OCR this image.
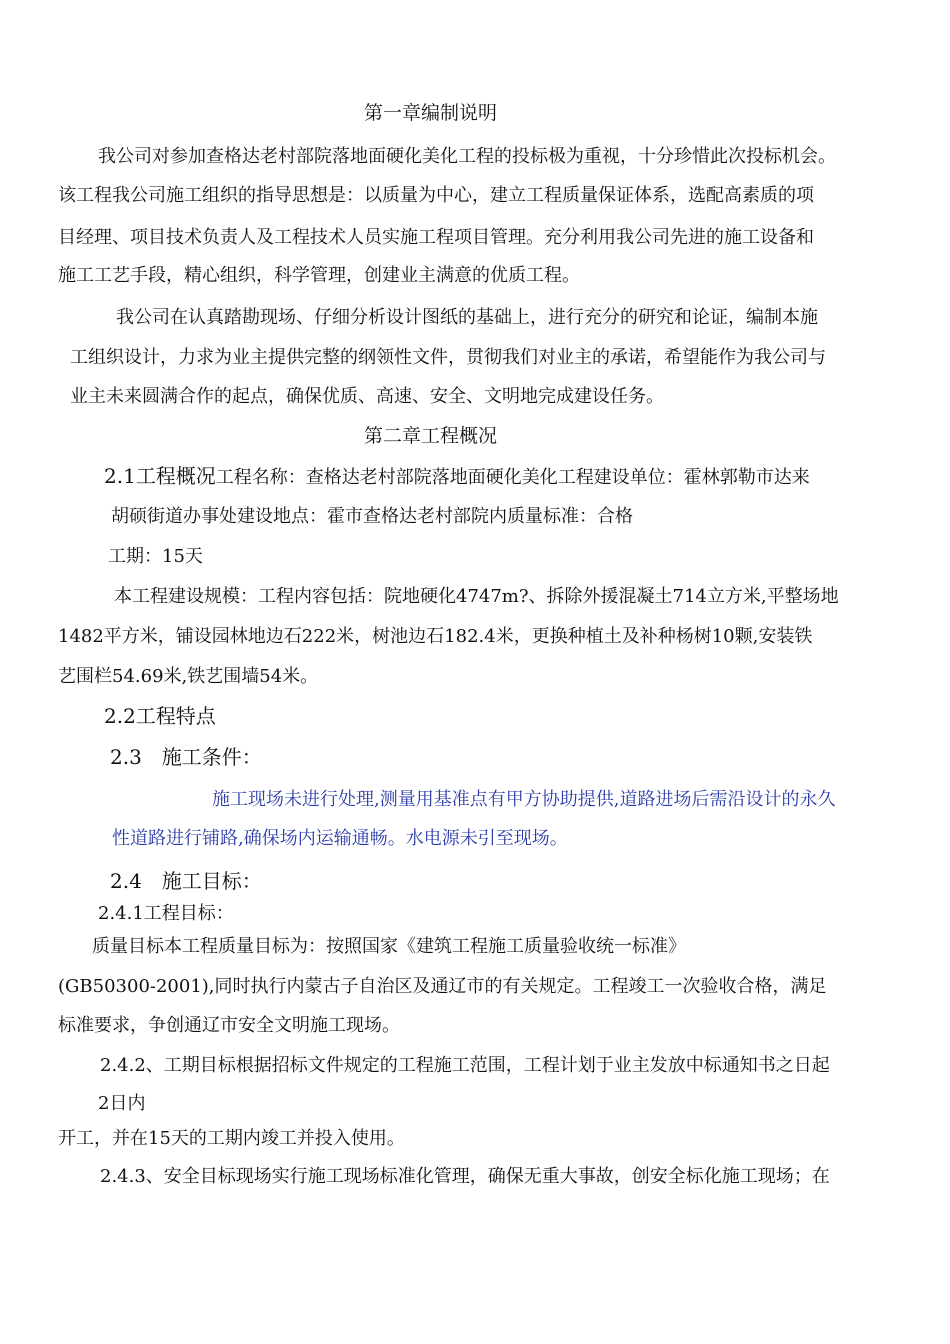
第一章编制说明
我公司对参加查格达老村部院落地面硬化美化工程的投标极为重视，十分珍惜此次投标机会。
该工程我公司施工组织的指导思想是：以质量为中心，建立工程质量保证体系，选配高素质的项
目经理、项目技术负责人及工程技术人员实施工程项目管理。充分利用我公司先进的施工设备和
施工工艺手段，精心组织，科学管理，创建业主满意的优质工程。
我公司在认真踏勘现场、仔细分析设计图纸的基础上，进行充分的研究和论证，编制本施
工组织设计，力求为业主提供完整的纲领性文件，贯彻我们对业主的承诺，希望能作为我公司与
业主未来圆满合作的起点，确保优质、高速、安全、文明地完成建设任务。
第二章工程概况
2.1工程概况工程名称：查格达老村部院落地面硬化美化工程建设单位：霍林郭勒市达来
胡硕街道办事处建设地点：霍市查格达老村部院内质量标准：合格
工期：15天
本工程建设规模：工程内容包括：院地硬化4747m?、拆除外援混凝土714立方米,平整场地
1482平方米，铺设园林地边石222米，树池边石182.4米，更换种植土及补种杨树10颗,安装铁
艺围栏54.69米,铁艺围墙54米。
2.2工程特点
2.3　施工条件：
施工现场未进行处理,测量用基准点有甲方协助提供,道路进场后需沿设计的永久
性道路进行铺路,确保场内运输通畅。水电源未引至现场。
2.4　施工目标：
2.4.1工程目标：
质量目标本工程质量目标为：按照国家《建筑工程施工质量验收统一标准》
(GB50300-2001),同时执行内蒙古子自治区及通辽市的有关规定。工程竣工一次验收合格，满足
标准要求，争创通辽市安全文明施工现场。
2.4.2、工期目标根据招标文件规定的工程施工范围，工程计划于业主发放中标通知书之日起
2日内
开工，并在15天的工期内竣工并投入使用。
2.4.3、安全目标现场实行施工现场标准化管理，确保无重大事故，创安全标化施工现场；在
